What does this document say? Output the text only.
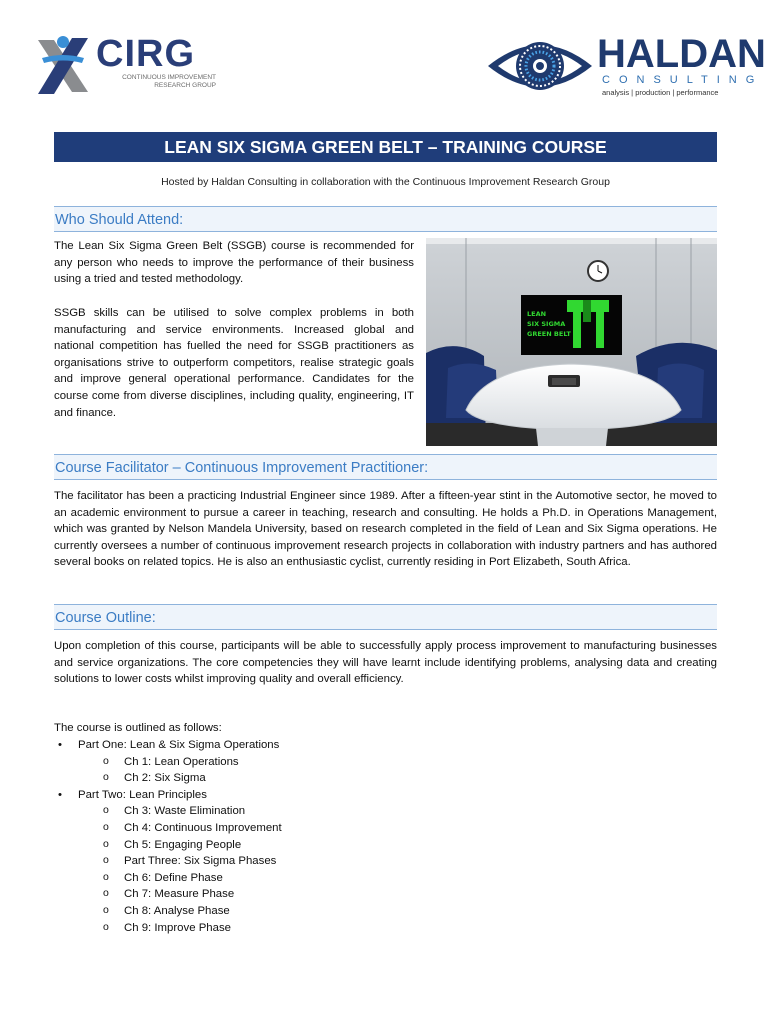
CIRG
CONTINUOUS IMPROVEMENT
RESEARCH GROUP
HALDAN
CONSULTING
analysis | production | performance
LEAN SIX SIGMA GREEN BELT – TRAINING COURSE
Hosted by Haldan Consulting in collaboration with the Continuous Improvement Research Group
Who Should Attend:
The Lean Six Sigma Green Belt (SSGB) course is recommended for any person who needs to improve the performance of their business using a tried and tested methodology.
SSGB skills can be utilised to solve complex problems in both manufacturing and service environments. Increased global and national competition has fuelled the need for SSGB practitioners as organisations strive to outperform competitors, realise strategic goals and improve general operational performance. Candidates for the course come from diverse disciplines, including quality, engineering, IT and finance.
LEAN
SIX SIGMA
GREEN BELT
Course Facilitator – Continuous Improvement Practitioner:
The facilitator has been a practicing Industrial Engineer since 1989. After a fifteen-year stint in the Automotive sector, he moved to an academic environment to pursue a career in teaching, research and consulting. He holds a Ph.D. in Operations Management, which was granted by Nelson Mandela University, based on research completed in the field of Lean and Six Sigma operations. He currently oversees a number of continuous improvement research projects in collaboration with industry partners and has authored several books on related topics. He is also an enthusiastic cyclist, currently residing in Port Elizabeth, South Africa.
Course Outline:
Upon completion of this course, participants will be able to successfully apply process improvement to manufacturing businesses and service organizations. The core competencies they will have learnt include identifying problems, analysing data and creating solutions to lower costs whilst improving quality and overall efficiency.
The course is outlined as follows:
• Part One: Lean & Six Sigma Operations
o Ch 1: Lean Operations
o Ch 2: Six Sigma
• Part Two: Lean Principles
o Ch 3: Waste Elimination
o Ch 4: Continuous Improvement
o Ch 5: Engaging People
o Part Three: Six Sigma Phases
o Ch 6: Define Phase
o Ch 7: Measure Phase
o Ch 8: Analyse Phase
o Ch 9: Improve Phase
